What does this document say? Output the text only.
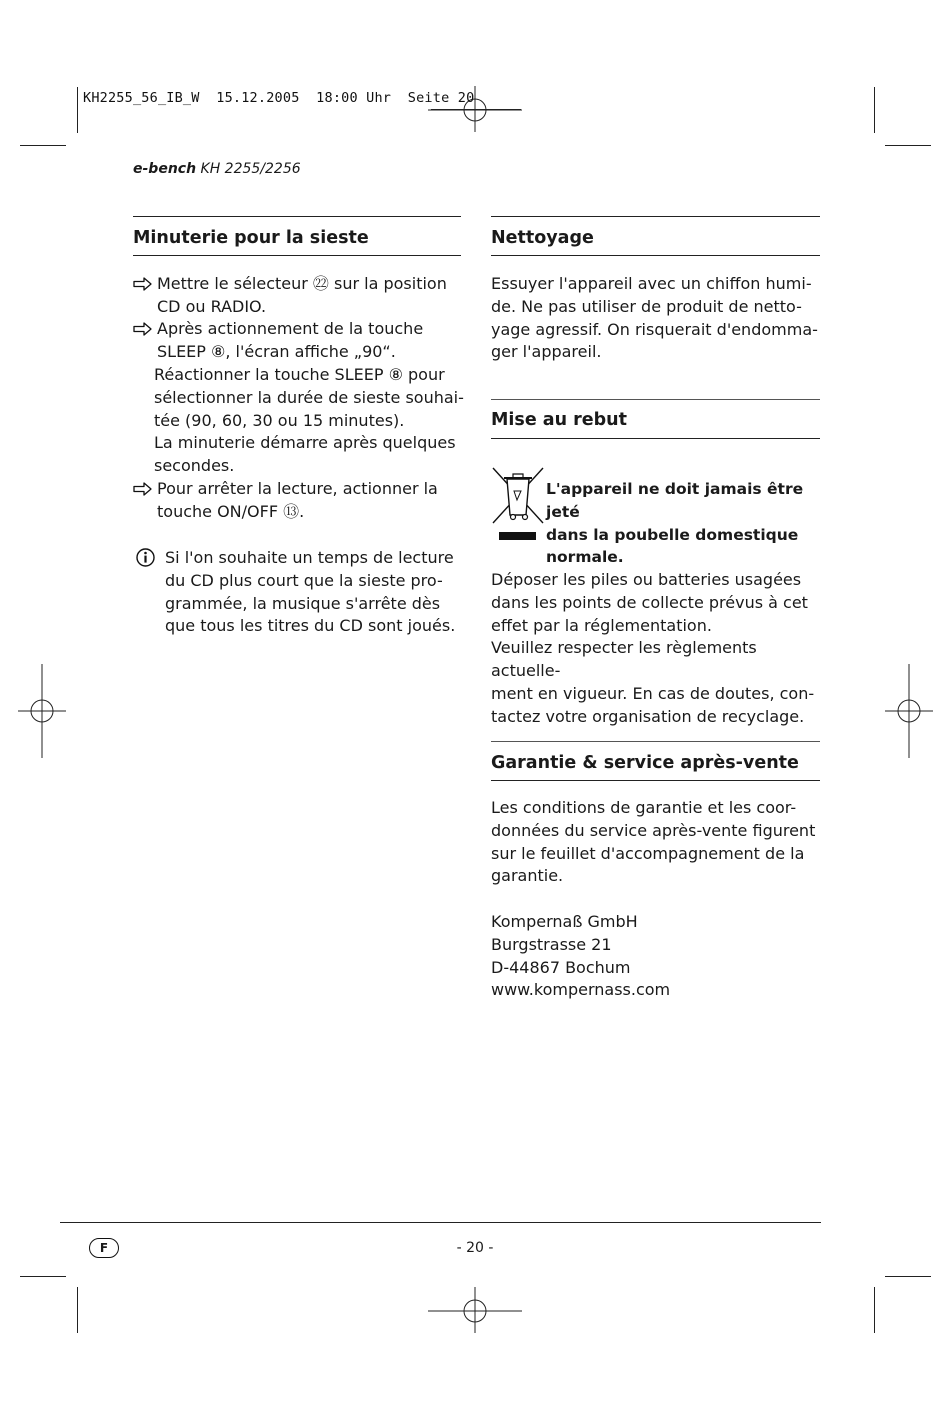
KH2255_56_IB_W  15.12.2005  18:00 Uhr  Seite 20
e-bench KH 2255/2256
Minuterie pour la sieste
Mettre le sélecteur ㉒ sur la position
CD ou RADIO.
Après actionnement de la touche
SLEEP ⑧, l'écran affiche „90“.

Réactionner la touche SLEEP ⑧ pour
sélectionner la durée de sieste souhai-
tée (90, 60, 30 ou 15 minutes).
La minuterie démarre après quelques
secondes.

Pour arrêter la lecture, actionner la
touche ON/OFF ⑬.

Si l'on souhaite un temps de lecture
du CD plus court que la sieste pro-
grammée, la musique s'arrête dès
que tous les titres du CD sont joués.

Nettoyage

Essuyer l'appareil avec un chiffon humi-
de. Ne pas utiliser de produit de netto-
yage agressif. On risquerait d'endomma-
ger l'appareil.

Mise au rebut
L'appareil ne doit jamais être jeté
dans la poubelle domestique
normale.

Déposer les piles ou batteries usagées
dans les points de collecte prévus à cet
effet par la réglementation.
Veuillez respecter les règlements actuelle-
ment en vigueur. En cas de doutes, con-
tactez votre organisation de recyclage.

Garantie & service après-vente

Les conditions de garantie et les coor-
données du service après-vente figurent
sur le feuillet d'accompagnement de la
garantie.

Kompernaß GmbH
Burgstrasse 21
D-44867 Bochum
www.kompernass.com

F	- 20 -
